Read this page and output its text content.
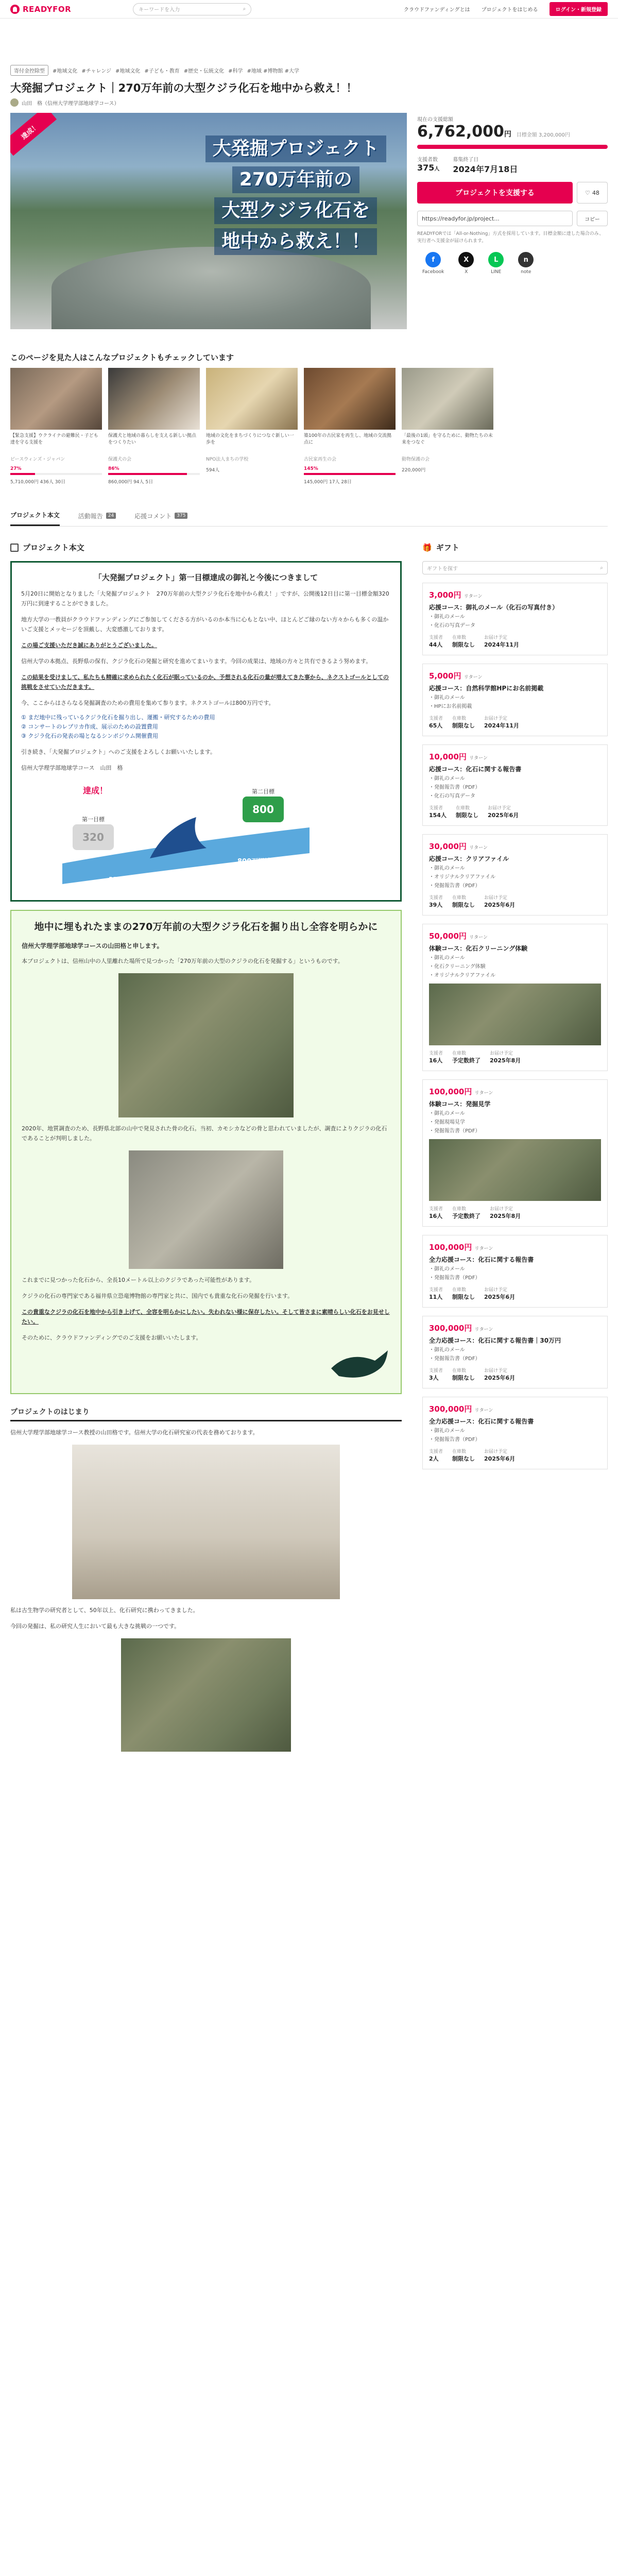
READYFOR	キーワードを入力	⌕	クラウドファンディングとは プロジェクトをはじめる	ログイン・新規登録
寄付金控除型	#地域文化 #チャレンジ #地域文化 #子ども・教育 #歴史・伝統文化 #科学 #地域 #博物館 #大学
大発掘プロジェクト｜270万年前の大型クジラ化石を地中から救え！！
山田　格（信州大学理学部地球学コース）
達成！
大発掘プロジェクト
270万年前の
大型クジラ化石を
地中から救え！！
現在の支援総額
6,762,000円 目標金額 3,200,000円
支援者数
375人
募集終了日
2024年7月18日
プロジェクトを支援する	♡ 48
https://readyfor.jp/project...	コピー
READYFORでは「All-or-Nothing」方式を採用しています。目標金額に達した場合のみ、実行者へ支援金が届けられます。
f
Facebook
X
X
L
LINE
n
note
このページを見た人はこんなプロジェクトもチェックしています
【緊急支援】ウクライナの避難民・子ども達を守る支援を
ピースウィンズ・ジャパン
27%
5,710,000円 436人 30日
保護犬と地域の暮らしを支える新しい拠点をつくりたい
保護犬の会
86%
860,000円 94人 5日
地域の文化をまちづくりにつなぐ新しい一歩を
NPO法人まちの学校
594人
築100年の古民家を再生し、地域の交流拠点に
古民家再生の会
145%
145,000円 17人 28日
「最後の1頭」を守るために、動物たちの未来をつなぐ
動物保護の会
220,000円
プロジェクト本文	活動報告	24	応援コメント	375
プロジェクト本文
「大発掘プロジェクト」第一目標達成の御礼と今後につきまして

5月20日に開始となりました「大発掘プロジェクト　270万年前の大型クジラ化石を地中から救え！」ですが、公開後12日目に第一目標金額320万円に到達することができました。

地方大学の一教員がクラウドファンディングにご参加してくださる方がいるのか本当に心もとない中、ほとんどご縁のない方々からも多くの温かいご支援とメッセージを頂戴し、大変感激しております。

この場ご支援いただき誠にありがとうございました。

信州大学の本拠点、長野県の保有、クジラ化石の発掘と研究を進めてまいります。今回の成果は、地域の方々と共有できるよう努めます。

この結果を受けまして、私たちも精確に求められたく化石が眠っているのか、予想される化石の量が増えてきた事から、ネクストゴールとしての挑戦をさせていただきます。

今、ここからはさらなる発掘調査のための費用を集めて参ります。ネクストゴールは800万円です。

① まだ地中に残っているクジラ化石を掘り出し、運搬・研究するための費用
② コンサートのレプリカ作成、展示のための設置費用
③ クジラ化石の発表の場となるシンポジウム開催費用

引き続き、「大発掘プロジェクト」へのご支援をよろしくお願いいたします。

信州大学理学部地球学コース　山田　格

達成！
320
第一目標
800
第二目標
320万円達成
800万円達成
地中に埋もれたままの270万年前の大型クジラ化石を掘り出し全容を明らかに
信州大学理学部地球学コースの山田格と申します。

本プロジェクトは、信州山中の人里離れた場所で見つかった「270万年前の大型のクジラの化石を発掘する」というものです。

2020年、地質調査のため、長野県北部の山中で発見された骨の化石。当初、カモシカなどの骨と思われていましたが、調査によりクジラの化石であることが判明しました。

これまでに見つかった化石から、全長10メートル以上のクジラであった可能性があります。

クジラの化石の専門家である福井県立恐竜博物館の専門家と共に、国内でも貴重な化石の発掘を行います。

この貴重なクジラの化石を地中から引き上げて、全容を明らかにしたい。失われない様に保存したい。そして皆さまに素晴らしい化石をお見せしたい。

そのために、クラウドファンディングでのご支援をお願いいたします。

プロジェクトのはじまり

信州大学理学部地球学コース教授の山田格です。信州大学の化石研究室の代表を務めております。

私は古生物学の研究者として、50年以上、化石研究に携わってきました。

今回の発掘は、私の研究人生において最も大きな挑戦の一つです。

🎁 ギフト
ギフトを探す	⌕
3,000円 リターン
応援コース：御礼のメール（化石の写真付き）
・御礼のメール
・化石の写真データ
支援者
44人
在庫数
制限なし
お届け予定
2024年11月
5,000円 リターン
応援コース：自然科学館HPにお名前掲載
・御礼のメール
・HPにお名前掲載
支援者
65人
在庫数
制限なし
お届け予定
2024年11月
10,000円 リターン
応援コース：化石に関する報告書
・御礼のメール
・発掘報告書（PDF）
・化石の写真データ
支援者
154人
在庫数
制限なし
お届け予定
2025年6月
30,000円 リターン
応援コース：クリアファイル
・御礼のメール
・オリジナルクリアファイル
・発掘報告書（PDF）
支援者
39人
在庫数
制限なし
お届け予定
2025年6月
50,000円 リターン
体験コース：化石クリーニング体験
・御礼のメール
・化石クリーニング体験
・オリジナルクリアファイル
支援者
16人
在庫数
予定数終了
お届け予定
2025年8月
100,000円 リターン
体験コース：発掘見学
・御礼のメール
・発掘現場見学
・発掘報告書（PDF）
支援者
16人
在庫数
予定数終了
お届け予定
2025年8月
100,000円 リターン
全力応援コース：化石に関する報告書
・御礼のメール
・発掘報告書（PDF）
支援者
11人
在庫数
制限なし
お届け予定
2025年6月
300,000円 リターン
全力応援コース：化石に関する報告書｜30万円
・御礼のメール
・発掘報告書（PDF）
支援者
3人
在庫数
制限なし
お届け予定
2025年6月
300,000円 リターン
全力応援コース：化石に関する報告書
・御礼のメール
・発掘報告書（PDF）
支援者
2人
在庫数
制限なし
お届け予定
2025年6月
